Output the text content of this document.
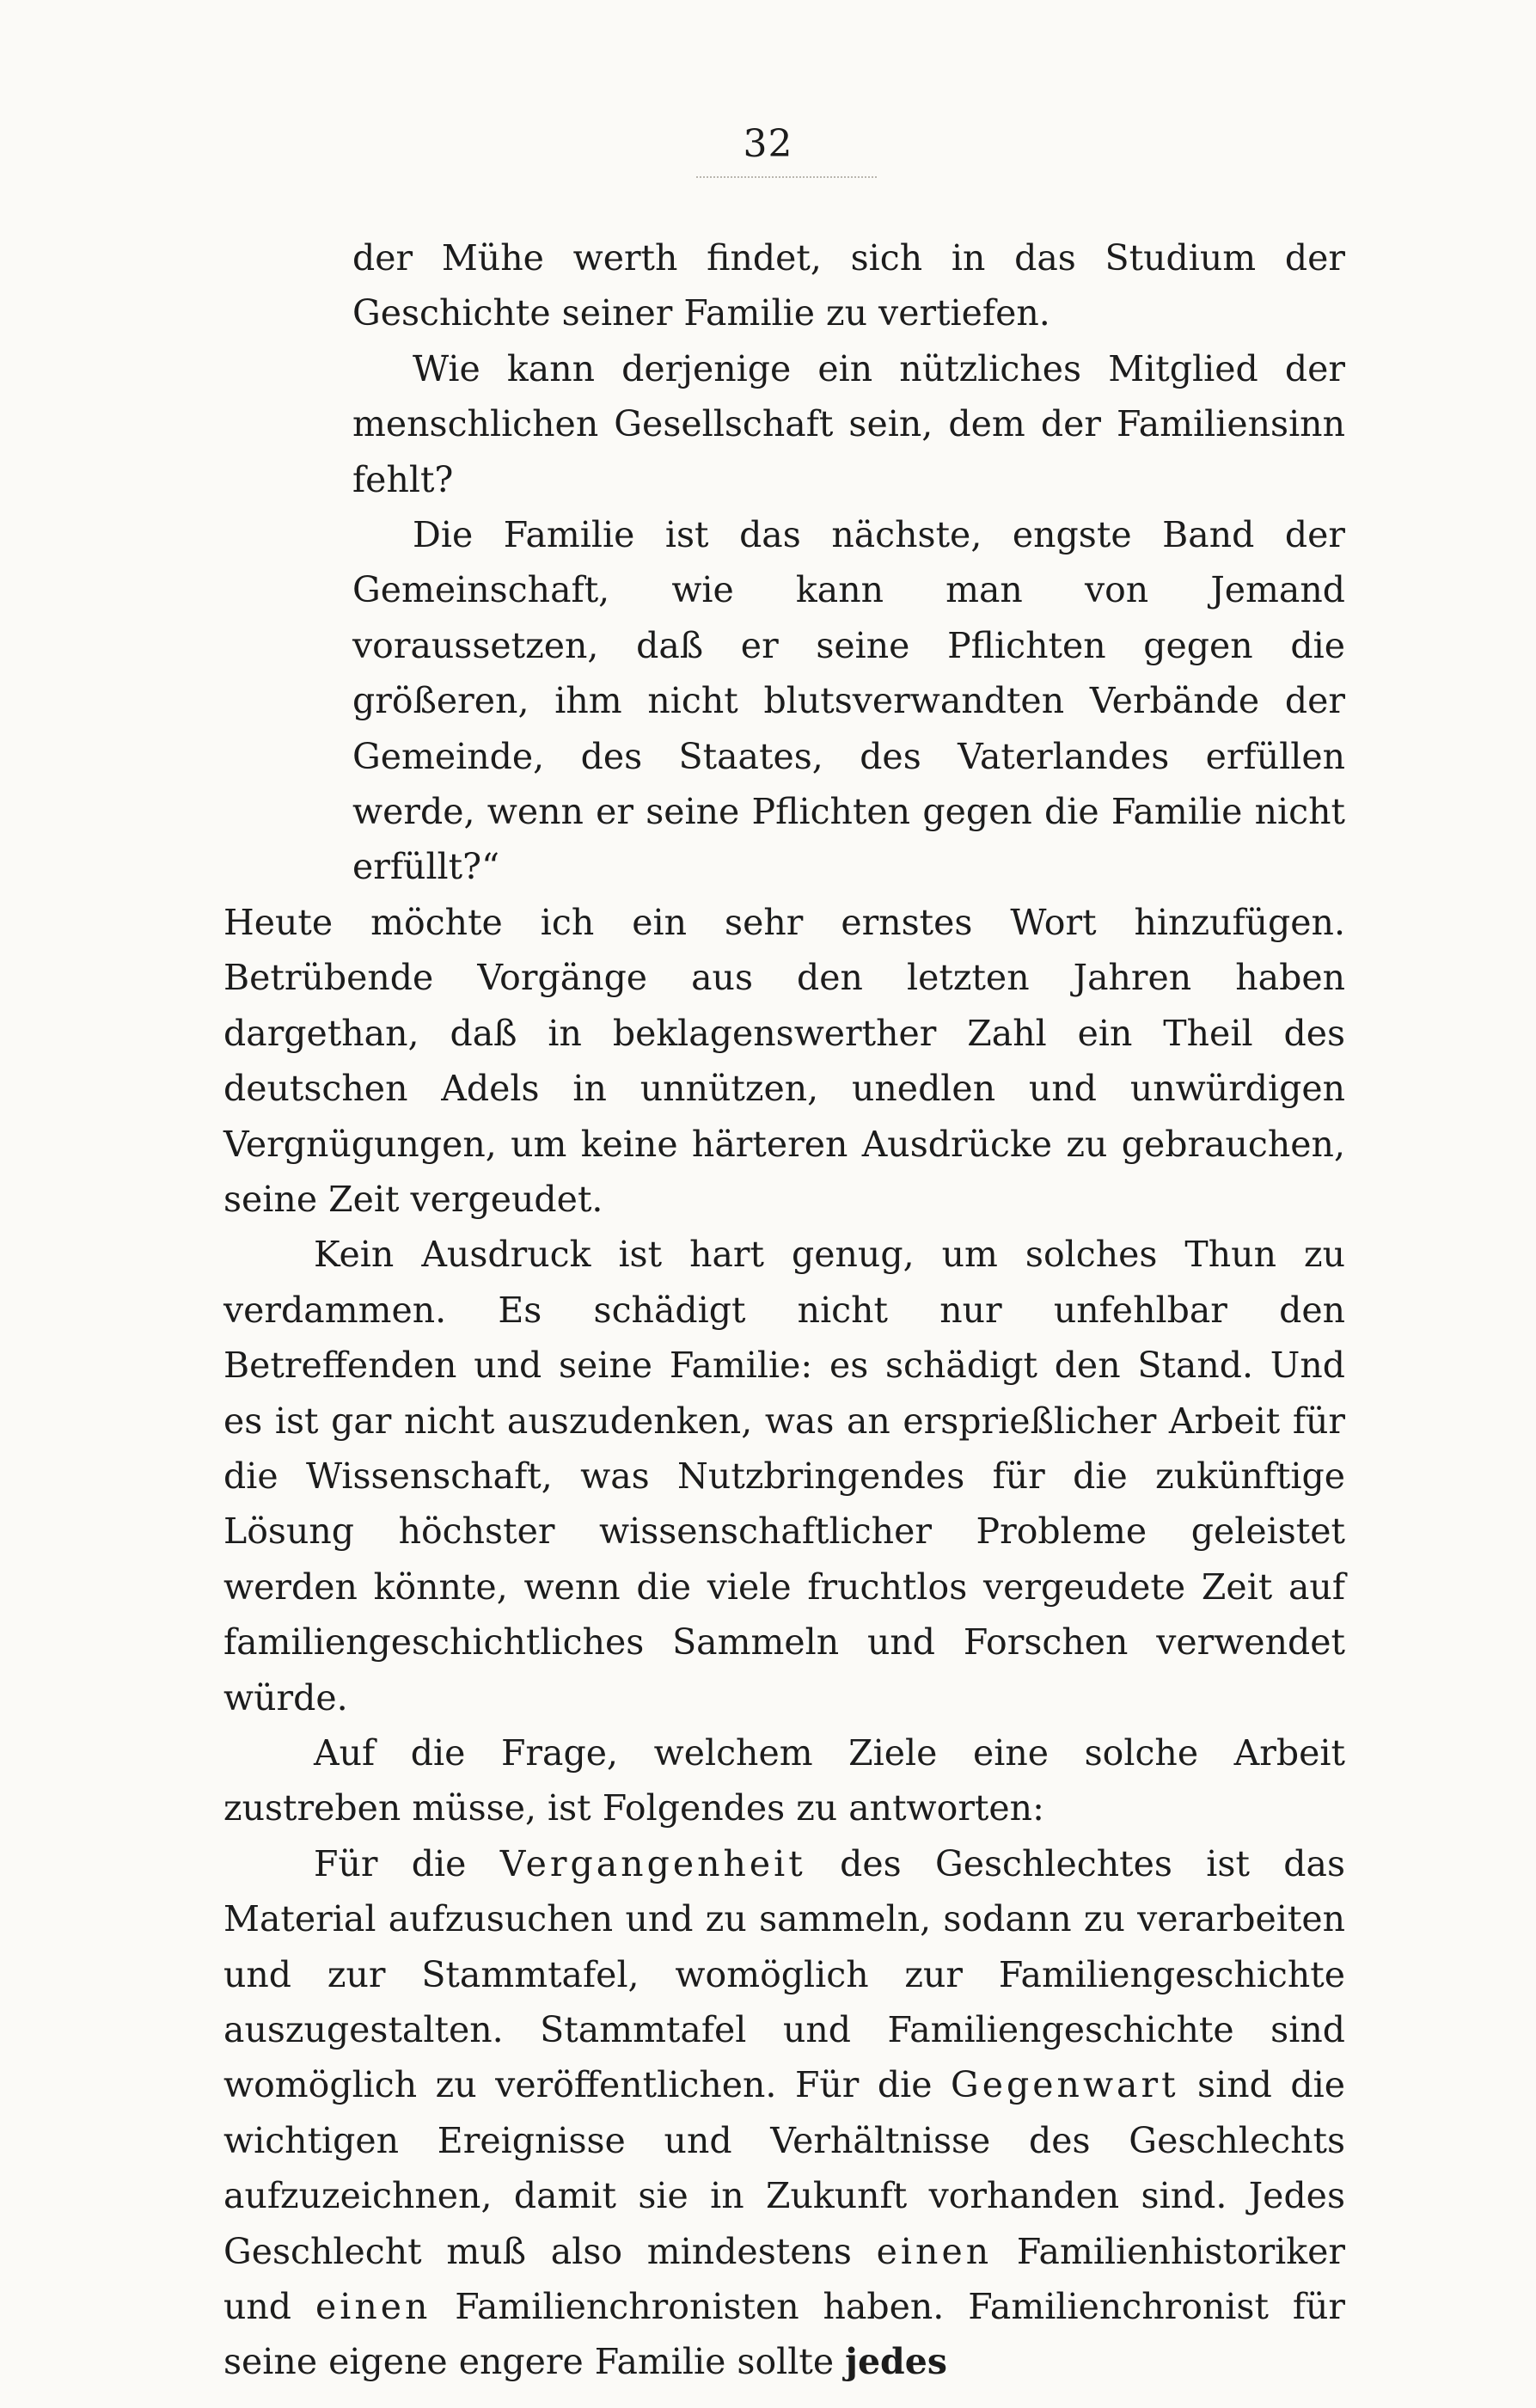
32

der Mühe werth findet, sich in das Studium der Geschichte seiner Familie zu vertiefen.

Wie kann derjenige ein nützliches Mitglied der menschlichen Gesellschaft sein, dem der Familiensinn fehlt?

Die Familie ist das nächste, engste Band der Gemeinschaft, wie kann man von Jemand voraussetzen, daß er seine Pflichten gegen die größeren, ihm nicht blutsverwandten Verbände der Gemeinde, des Staates, des Vaterlandes erfüllen werde, wenn er seine Pflichten gegen die Familie nicht erfüllt?“

Heute möchte ich ein sehr ernstes Wort hinzufügen. Betrübende Vorgänge aus den letzten Jahren haben dargethan, daß in beklagenswerther Zahl ein Theil des deutschen Adels in unnützen, unedlen und unwürdigen Vergnügungen, um keine härteren Ausdrücke zu gebrauchen, seine Zeit vergeudet.

Kein Ausdruck ist hart genug, um solches Thun zu verdammen. Es schädigt nicht nur unfehlbar den Betreffenden und seine Familie: es schädigt den Stand. Und es ist gar nicht auszudenken, was an ersprießlicher Arbeit für die Wissenschaft, was Nutzbringendes für die zukünftige Lösung höchster wissenschaftlicher Probleme geleistet werden könnte, wenn die viele fruchtlos vergeudete Zeit auf familiengeschichtliches Sammeln und Forschen verwendet würde.

Auf die Frage, welchem Ziele eine solche Arbeit zustreben müsse, ist Folgendes zu antworten:

Für die Vergangenheit des Geschlechtes ist das Material aufzusuchen und zu sammeln, sodann zu verarbeiten und zur Stammtafel, womöglich zur Familiengeschichte auszugestalten. Stammtafel und Familiengeschichte sind womöglich zu veröffentlichen. Für die Gegenwart sind die wichtigen Ereignisse und Verhältnisse des Geschlechts aufzuzeichnen, damit sie in Zukunft vorhanden sind. Jedes Geschlecht muß also mindestens einen Familienhistoriker und einen Familienchronisten haben. Familienchronist für seine eigene engere Familie sollte jedes
